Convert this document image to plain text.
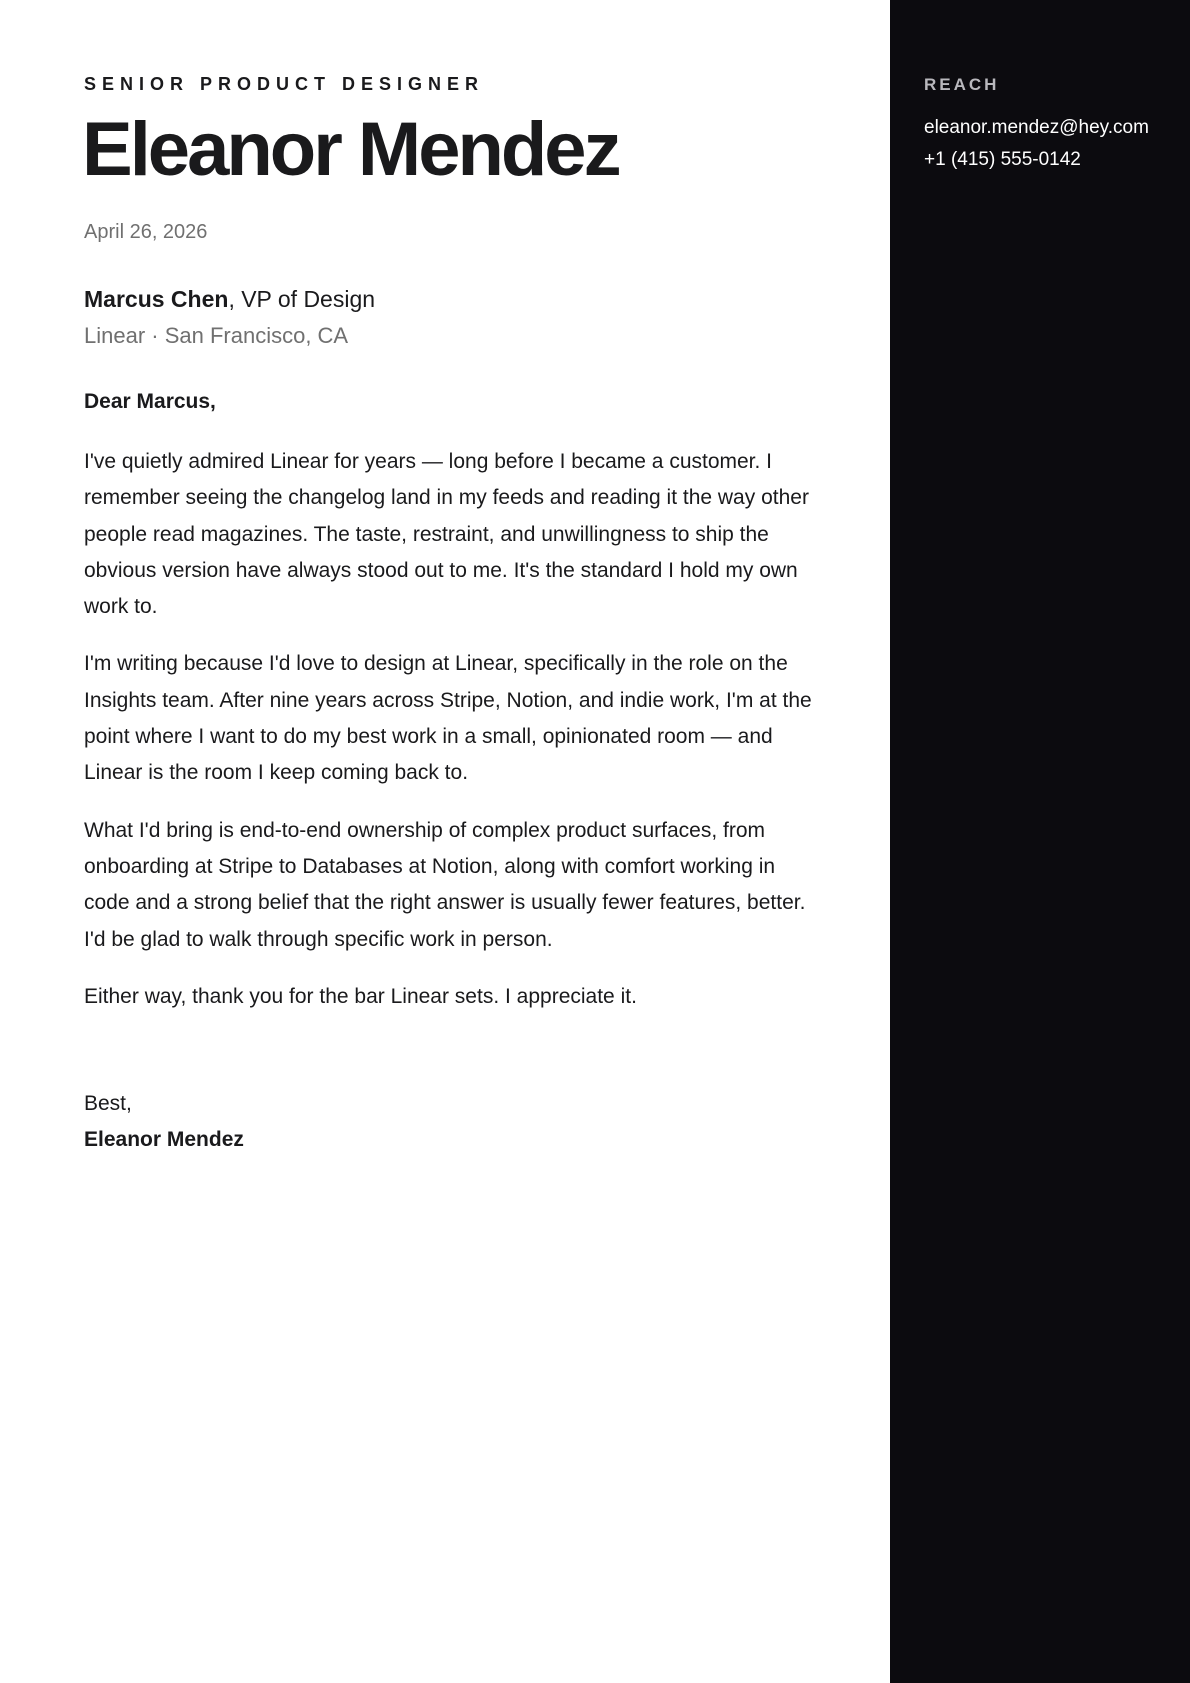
SENIOR PRODUCT DESIGNER
Eleanor Mendez
April 26, 2026
Marcus Chen, VP of Design
Linear · San Francisco, CA
Dear Marcus,

I've quietly admired Linear for years — long before I became a customer. I remember seeing the changelog land in my feeds and reading it the way other people read magazines. The taste, restraint, and unwillingness to ship the obvious version have always stood out to me. It's the standard I hold my own work to.

I'm writing because I'd love to design at Linear, specifically in the role on the Insights team. After nine years across Stripe, Notion, and indie work, I'm at the point where I want to do my best work in a small, opinionated room — and Linear is the room I keep coming back to.

What I'd bring is end-to-end ownership of complex product surfaces, from onboarding at Stripe to Databases at Notion, along with comfort working in code and a strong belief that the right answer is usually fewer features, better. I'd be glad to walk through specific work in person.

Either way, thank you for the bar Linear sets. I appreciate it.

Best,
Eleanor Mendez
REACH
eleanor.mendez@hey.com
+1 (415) 555-0142
